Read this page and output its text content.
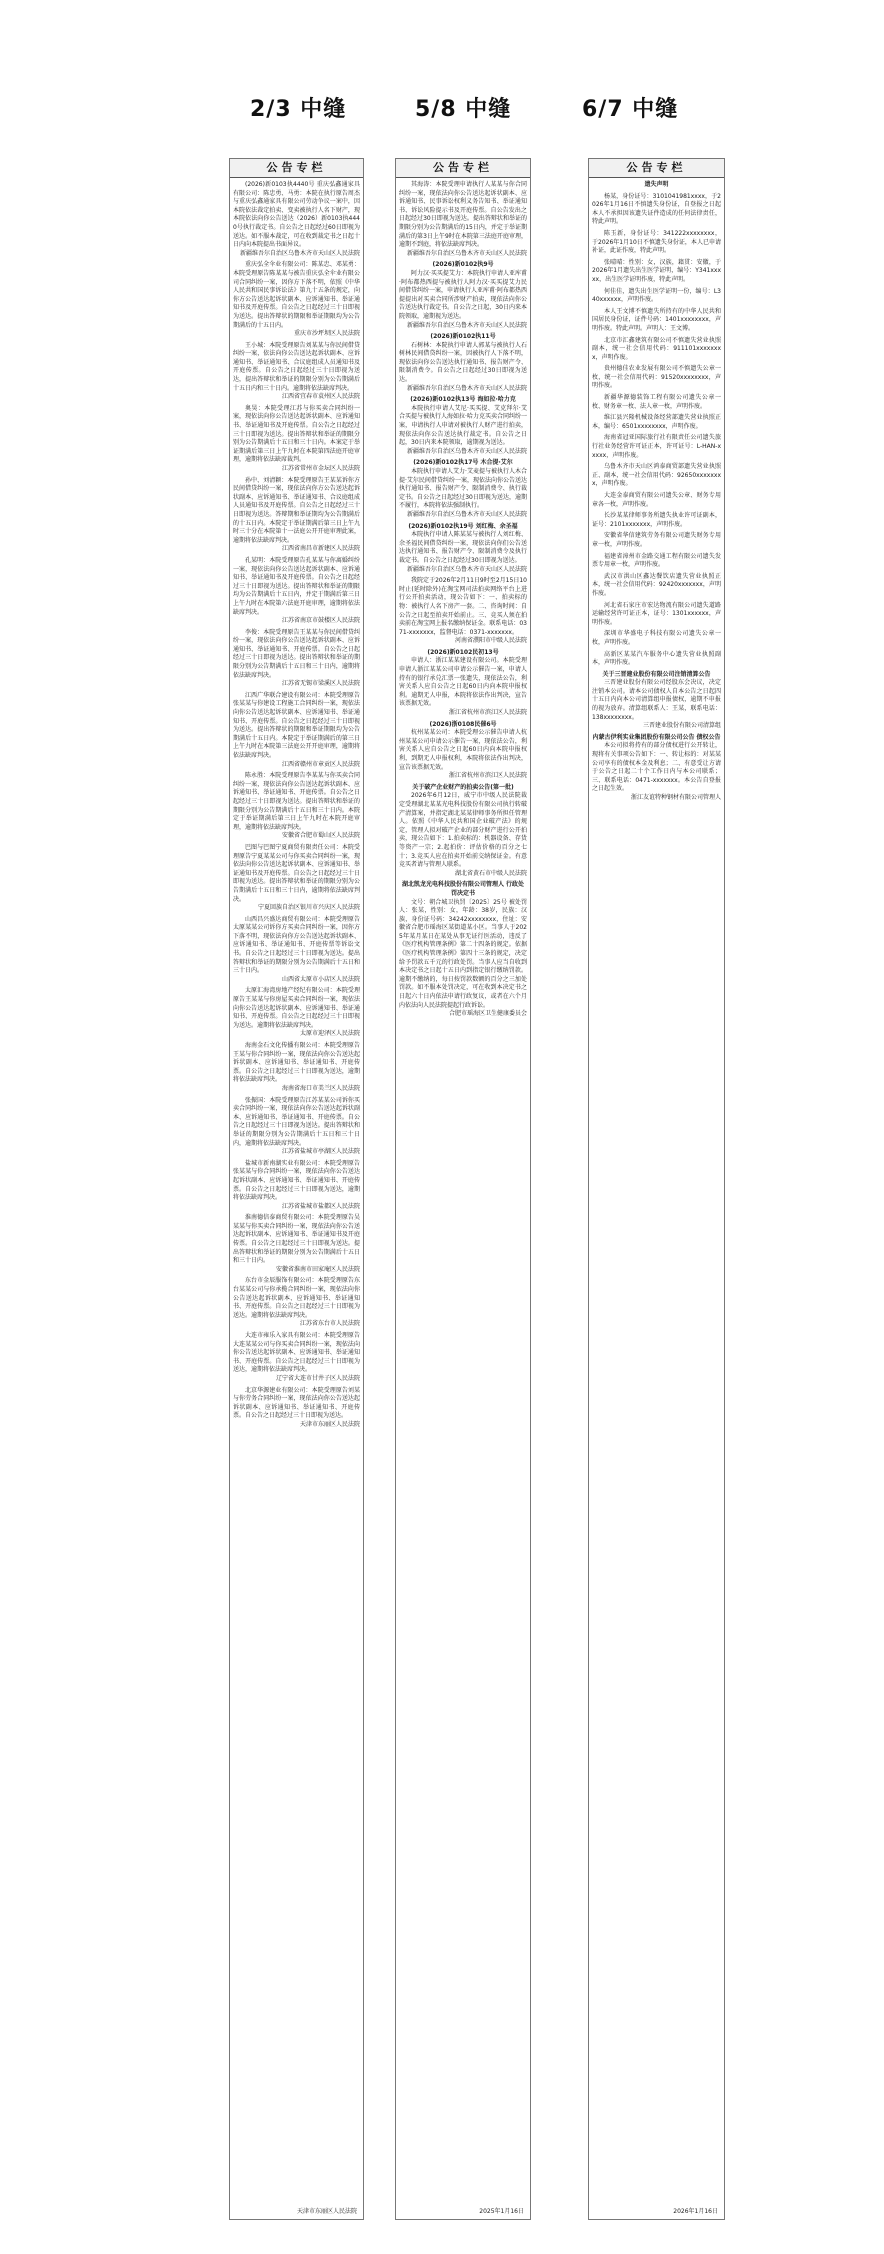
2/3 中缝	5/8 中缝	6/7 中缝
公告专栏
(2026)新0103执4440号 重庆弘鑫通家具有限公司：陈忠勇、马勇：本院在执行原告周杰与重庆弘鑫通家具有限公司劳动争议一案中，因本院依法裁定拍卖、变卖被执行人名下财产，现本院依法向你公告送达（2026）新0103执4440号执行裁定书。自公告之日起经过60日即视为送达。如不服本裁定，可在收到裁定书之日起十日内向本院提出书面异议。
新疆维吾尔自治区乌鲁木齐市天山区人民法院
重庆弘全伞业有限公司：陈某忠、邓某勇：本院受理原告陈某某与被告重庆弘全伞业有限公司合同纠纷一案，因你方下落不明，依照《中华人民共和国民事诉讼法》第九十五条的规定，向你方公告送达起诉状副本、应诉通知书、举证通知书及开庭传票。自公告之日起经过三十日即视为送达。提出答辩状的期限和举证期限均为公告期满后的十五日内。
重庆市沙坪坝区人民法院
王小城：本院受理原告刘某某与你民间借贷纠纷一案，依法向你公告送达起诉状副本、应诉通知书、举证通知书、合议庭组成人员通知书及开庭传票。自公告之日起经过三十日即视为送达，提出答辩状和举证的期限分别为公告期满后十五日内和三十日内。逾期将依法缺席判决。
江西省宜春市袁州区人民法院
奥昊：本院受理江苏与你买卖合同纠纷一案，现依法向你公告送达起诉状副本、应诉通知书、举证通知书及开庭传票。自公告之日起经过三十日即视为送达。提出答辩状和举证的期限分别为公告期满后十五日和三十日内。本案定于举证期满后第三日上午九时在本院第四法庭开庭审理，逾期将依法缺席裁判。
江苏省常州市金坛区人民法院
孙中、刘清颖：本院受理原告王某某诉你方民间借贷纠纷一案，现依法向你方公告送达起诉状副本、应诉通知书、举证通知书、合议庭组成人员通知书及开庭传票。自公告之日起经过三十日即视为送达。答辩期和举证期均为公告期满后的十五日内。本院定于举证期满后第三日上午九时三十分在本院第十一法庭公开开庭审理此案，逾期将依法缺席判决。
江西省南昌市新建区人民法院
孔某明：本院受理原告孔某某与你离婚纠纷一案，现依法向你公告送达起诉状副本、应诉通知书、举证通知书及开庭传票。自公告之日起经过三十日即视为送达。提出答辩状和举证的期限均为公告期满后十五日内，并定于期满后第三日上午九时在本院第六法庭开庭审理，逾期将依法缺席判决。
江苏省南京市鼓楼区人民法院
李俊：本院受理原告王某某与你民间借贷纠纷一案，现依法向你公告送达起诉状副本、应诉通知书、举证通知书、开庭传票。自公告之日起经过三十日即视为送达。提出答辩状和举证的期限分别为公告期满后十五日和三十日内，逾期将依法缺席判决。
江苏省无锡市梁溪区人民法院
江西广华联合建设有限公司：本院受理原告张某某与你建设工程施工合同纠纷一案，现依法向你公告送达起诉状副本、应诉通知书、举证通知书、开庭传票。自公告之日起经过三十日即视为送达。提出答辩状的期限和举证期限均为公告期满后十五日内。本院定于举证期满后的第三日上午九时在本院第三法庭公开开庭审理，逾期将依法缺席判决。
江西省赣州市章贡区人民法院
陈永胜：本院受理原告李某某与你买卖合同纠纷一案，现依法向你公告送达起诉状副本、应诉通知书、举证通知书、开庭传票。自公告之日起经过三十日即视为送达。提出答辩状和举证的期限分别为公告期满后十五日和三十日内。本院定于举证期满后第三日上午九时在本院开庭审理，逾期将依法缺席判决。
安徽省合肥市蜀山区人民法院
巴图与巴图宁夏商贸有限责任公司：本院受理原告宁夏某某公司与你买卖合同纠纷一案，现依法向你公告送达起诉状副本、应诉通知书、举证通知书及开庭传票。自公告之日起经过三十日即视为送达。提出答辩状和举证的期限分别为公告期满后十五日和三十日内，逾期将依法缺席判决。
宁夏回族自治区银川市兴庆区人民法院
山西昌兴盛达商贸有限公司：本院受理原告太原某某公司诉你方买卖合同纠纷一案，因你方下落不明，现依法向你方公告送达起诉状副本、应诉通知书、举证通知书、开庭传票等诉讼文书。自公告之日起经过三十日即视为送达。提出答辩状和举证的期限分别为公告期满后十五日和三十日内。
山西省太原市小店区人民法院
太原汇海湾房地产经纪有限公司：本院受理原告王某某与你房屋买卖合同纠纷一案，现依法向你公告送达起诉状副本、应诉通知书、举证通知书、开庭传票。自公告之日起经过三十日即视为送达。逾期将依法缺席判决。
太原市迎泽区人民法院
海南金石文化传播有限公司：本院受理原告王某与你合同纠纷一案，现依法向你公告送达起诉状副本、应诉通知书、举证通知书、开庭传票。自公告之日起经过三十日即视为送达，逾期将依法缺席判决。
海南省海口市美兰区人民法院
张振国：本院受理原告江苏某某公司诉你买卖合同纠纷一案，现依法向你公告送达起诉状副本、应诉通知书、举证通知书、开庭传票。自公告之日起经过三十日即视为送达。提出答辩状和举证的期限分别为公告期满后十五日和三十日内，逾期将依法缺席判决。
江苏省盐城市亭湖区人民法院
盐城市新南湖实业有限公司：本院受理原告张某某与你合同纠纷一案，现依法向你公告送达起诉状副本、应诉通知书、举证通知书、开庭传票。自公告之日起经过三十日即视为送达，逾期将依法缺席判决。
江苏省盐城市盐都区人民法院
淮南德信泰商贸有限公司：本院受理原告吴某某与你买卖合同纠纷一案，现依法向你公告送达起诉状副本、应诉通知书、举证通知书及开庭传票。自公告之日起经过三十日即视为送达。提出答辩状和举证的期限分别为公告期满后十五日和三十日内。
安徽省淮南市田家庵区人民法院
东台市金辰服饰有限公司：本院受理原告东台某某公司与你承揽合同纠纷一案，现依法向你公告送达起诉状副本、应诉通知书、举证通知书、开庭传票。自公告之日起经过三十日即视为送达。逾期将依法缺席判决。
江苏省东台市人民法院
大连市雍乐入家具有限公司：本院受理原告大连某某公司与你买卖合同纠纷一案，现依法向你公告送达起诉状副本、应诉通知书、举证通知书、开庭传票。自公告之日起经过三十日即视为送达，逾期将依法缺席判决。
辽宁省大连市甘井子区人民法院
北京华源建业有限公司：本院受理原告刘某与你劳务合同纠纷一案，现依法向你公告送达起诉状副本、应诉通知书、举证通知书、开庭传票。自公告之日起经过三十日即视为送达。
天津市东丽区人民法院
天津市东丽区人民法院
公告专栏
其海涛：本院受理申请执行人某某与你合同纠纷一案，现依法向你公告送达起诉状副本、应诉通知书、民事诉讼权利义务告知书、举证通知书、诉讼风险提示书及开庭传票。自公告发出之日起经过30日即视为送达。提出答辩状和举证的期限分别为公告期满后的15日内，并定于举证期满后的第3日上午9时在本院第三法庭开庭审理，逾期不到庭，将依法缺席判决。
新疆维吾尔自治区乌鲁木齐市天山区人民法院
(2026)新0102执9号
阿力汉·买买提艾力：本院执行申请人亚库甫·阿布都热西提与被执行人阿力汉·买买提艾力民间借贷纠纷一案，申请执行人亚库甫·阿布都热西提提出对买卖合同所涉财产拍卖，现依法向你公告送达执行裁定书。自公告之日起，30日内来本院领取，逾期视为送达。
新疆维吾尔自治区乌鲁木齐市天山区人民法院
(2026)新0102执11号
石树林：本院执行申请人郭某与被执行人石树林民间借贷纠纷一案，因被执行人下落不明，现依法向你公告送达执行通知书、报告财产令、限制消费令。自公告之日起经过30日即视为送达。
新疆维吾尔自治区乌鲁木齐市天山区人民法院
(2026)新0102执13号 海如拉·哈力克
本院执行申请人艾尼·买买提、艾克拜尔·艾合买提与被执行人海如拉·哈力克买卖合同纠纷一案，申请执行人申请对被执行人财产进行拍卖，现依法向你公告送达执行裁定书。自公告之日起，30日内来本院领取，逾期视为送达。
新疆维吾尔自治区乌鲁木齐市天山区人民法院
(2026)新0102执17号 木合提·艾尔
本院执行申请人艾力·艾麦提与被执行人木合提·艾尔民间借贷纠纷一案，现依法向你公告送达执行通知书、报告财产令、限制消费令、执行裁定书。自公告之日起经过30日即视为送达，逾期不履行，本院将依法强制执行。
新疆维吾尔自治区乌鲁木齐市天山区人民法院
(2026)新0102执19号 刘红梅、余圣福
本院执行申请人陈某某与被执行人刘红梅、余圣福民间借贷纠纷一案，现依法向你们公告送达执行通知书、报告财产令、限制消费令及执行裁定书。自公告之日起经过30日即视为送达。
新疆维吾尔自治区乌鲁木齐市天山区人民法院
我院定于2026年2月11日9时至2月15日10时止(延时除外)在淘宝网司法拍卖网络平台上进行公开拍卖活动，现公告如下：一、拍卖标的物：被执行人名下房产一套。二、咨询时间：自公告之日起至拍卖开始前止。三、竞买人须在拍卖前在淘宝网上报名缴纳保证金。联系电话：0371-xxxxxxx，监督电话：0371-xxxxxxx。
河南省濮阳市中级人民法院
(2026)新0102民初13号
申请人：浙江某某建设有限公司。本院受理申请人浙江某某公司申请公示催告一案，申请人持有的银行承兑汇票一张遗失，现依法公告，利害关系人应自公告之日起60日内向本院申报权利。逾期无人申报，本院将依法作出判决，宣告该票据无效。
浙江省杭州市滨江区人民法院
(2026)浙0108民催6号
杭州某某公司：本院受理公示催告申请人杭州某某公司申请公示催告一案，现依法公告，利害关系人应自公告之日起60日内向本院申报权利，到期无人申报权利，本院将依法作出判决，宣告该票据无效。
浙江省杭州市滨江区人民法院
关于破产企业财产的拍卖公告(第一批)
2026年6月12日，威宁市中级人民法院裁定受理湖北某某光电科技股份有限公司执行转破产清算案，并指定湖北某某律师事务所担任管理人。依照《中华人民共和国企业破产法》的规定，管理人拟对破产企业的部分财产进行公开拍卖，现公告如下：1.拍卖标的：机器设备、存货等资产一宗；2.起拍价：评估价格的百分之七十；3.竞买人应在拍卖开始前交纳保证金。有意竞买者请与管理人联系。
湖北省黄石市中级人民法院
湖北凯龙光电科技股份有限公司管理人 行政处罚决定书
文号：朝合城卫执罚〔2025〕25号 被处罚人：张某，性别：女，年龄：38岁，民族：汉族，身份证号码：34242xxxxxxxx，住址：安徽省合肥市瑶海区某街道某小区。当事人于2025年某月某日在某处从事无证行医活动，违反了《医疗机构管理条例》第二十四条的规定。依据《医疗机构管理条例》第四十三条的规定，决定给予罚款五千元的行政处罚。当事人应当自收到本决定书之日起十五日内到指定银行缴纳罚款。逾期不缴纳的，每日按罚款数额的百分之三加处罚款。如不服本处罚决定，可在收到本决定书之日起六十日内依法申请行政复议，或者在六个月内依法向人民法院提起行政诉讼。
合肥市瑶海区卫生健康委员会
2025年1月16日
公告专栏
遗失声明
杨某，身份证号：3101041981xxxx，于2026年1月16日不慎遗失身份证，自登报之日起本人不承担因该遗失证件造成的任何法律责任，特此声明。
陈玉新，身份证号：341222xxxxxxxx，于2026年1月10日不慎遗失身份证，本人已申请补证，此证作废，特此声明。
张晴晴：性别：女，汉族，籍贯：安徽，于2026年1月遗失出生医学证明，编号：Y341xxxxx，出生医学证明作废，特此声明。
何佳佳，遗失出生医学证明一份，编号：L340xxxxxx，声明作废。
本人王文博不慎遗失所持有的中华人民共和国居民身份证，证件号码：1401xxxxxxxx，声明作废。特此声明。声明人：王文博。
北京市汇鑫建筑有限公司不慎遗失营业执照副本，统一社会信用代码：911101xxxxxxxx，声明作废。
贵州德佳农业发展有限公司不慎遗失公章一枚，统一社会信用代码：91520xxxxxxxx，声明作废。
新疆华源德装饰工程有限公司遗失公章一枚、财务章一枚、法人章一枚，声明作废。
维江县兴隆机械设备经营部遗失营业执照正本，编号：6501xxxxxxxx，声明作废。
海南省冠亚国际旅行社有限责任公司遗失旅行社业务经营许可证正本，许可证号：L-HAN-xxxxx，声明作废。
乌鲁木齐市天山区鸿泰商贸部遗失营业执照正、副本，统一社会信用代码：92650xxxxxxxx，声明作废。
大连金泰商贸有限公司遗失公章、财务专用章各一枚，声明作废。
长沙某某律师事务所遗失执业许可证副本，证号：2101xxxxxxx，声明作废。
安徽省华信建筑劳务有限公司遗失财务专用章一枚，声明作废。
福建省漳州市金路交通工程有限公司遗失发票专用章一枚，声明作废。
武汉市洪山区鑫达餐饮店遗失营业执照正本，统一社会信用代码：92420xxxxxxx，声明作废。
河北省石家庄市宏达物流有限公司遗失道路运输经营许可证正本，证号：1301xxxxxx，声明作废。
深圳市华盛电子科技有限公司遗失公章一枚，声明作废。
高新区某某汽车服务中心遗失营业执照副本，声明作废。
关于三晋建业股份有限公司注销清算公告
三晋建业股份有限公司经股东会决议，决定注销本公司。请本公司债权人自本公告之日起四十五日内向本公司清算组申报债权，逾期不申报的视为放弃。清算组联系人：王某，联系电话：138xxxxxxxx。
三晋建业股份有限公司清算组
内蒙古伊利实业集团股份有限公司公告 债权公告
本公司拟将持有的部分债权进行公开转让，现将有关事项公告如下：一、转让标的：对某某公司享有的债权本金及利息；二、有意受让方请于公告之日起二十个工作日内与本公司联系；三、联系电话：0471-xxxxxxx。本公告自登报之日起生效。
浙江友谊特种钢材有限公司管理人
2026年1月16日
